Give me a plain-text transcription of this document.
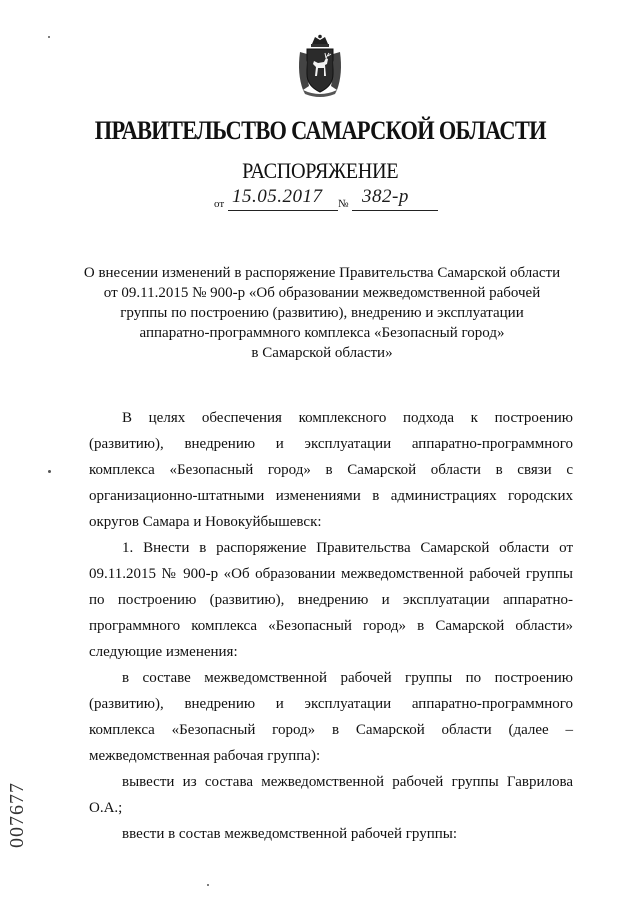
ПРАВИТЕЛЬСТВО САМАРСКОЙ ОБЛАСТИ
РАСПОРЯЖЕНИЕ
от 15.05.2017 № 382-р
О внесении изменений в распоряжение Правительства Самарской области
от 09.11.2015 № 900-р «Об образовании межведомственной рабочей
группы по построению (развитию), внедрению и эксплуатации
аппаратно-программного комплекса «Безопасный город»
в Самарской области»

В целях обеспечения комплексного подхода к построению (развитию), внедрению и эксплуатации аппаратно-программного комплекса «Безопасный город» в Самарской области в связи с организационно-штатными изменениями в администрациях городских округов Самара и Новокуйбышевск:

1. Внести в распоряжение Правительства Самарской области от 09.11.2015 № 900-р «Об образовании межведомственной рабочей группы по построению (развитию), внедрению и эксплуатации аппаратно-программного комплекса «Безопасный город» в Самарской области» следующие изменения:

в составе межведомственной рабочей группы по построению (развитию), внедрению и эксплуатации аппаратно-программного комплекса «Безопасный город» в Самарской области (далее – межведомственная рабочая группа):

вывести из состава межведомственной рабочей группы Гаврилова О.А.;

ввести в состав межведомственной рабочей группы:

007677
